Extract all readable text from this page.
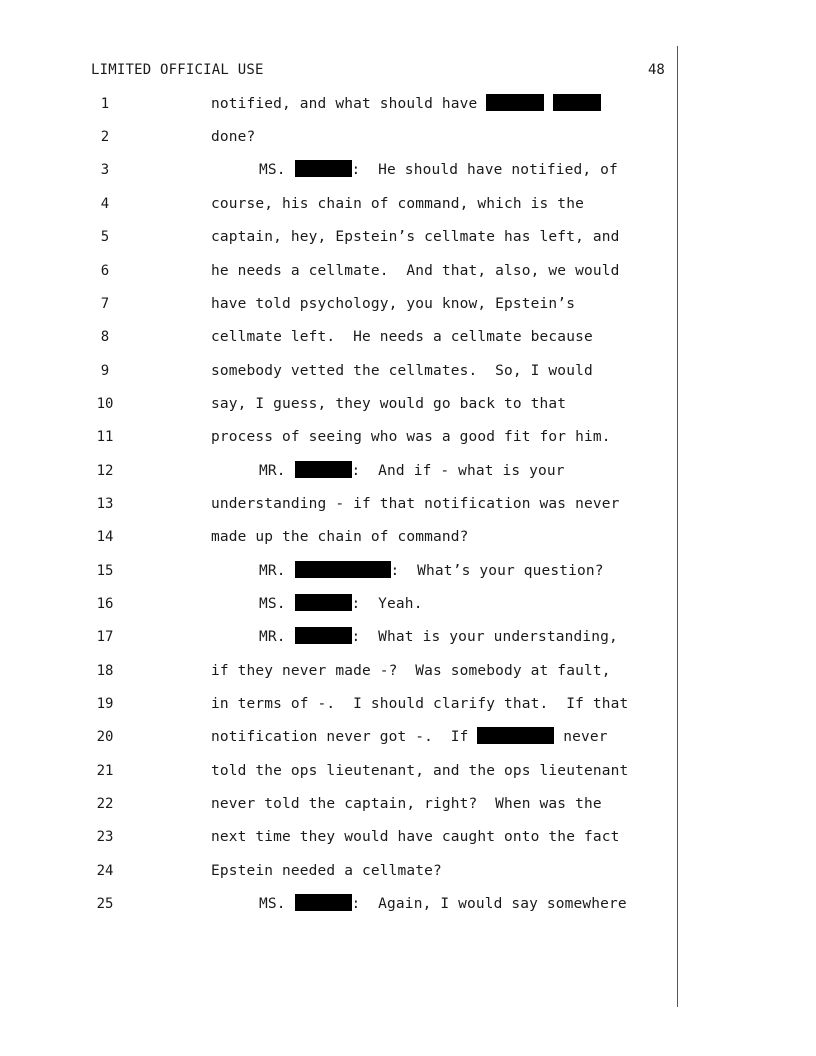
LIMITED OFFICIAL USE	48
1	notified, and what should have
2	done?
3	MS.	:  He should have notified, of
4	course, his chain of command, which is the
5	captain, hey, Epstein’s cellmate has left, and
6	he needs a cellmate.  And that, also, we would
7	have told psychology, you know, Epstein’s
8	cellmate left.  He needs a cellmate because
9	somebody vetted the cellmates.  So, I would
10	say, I guess, they would go back to that
11	process of seeing who was a good fit for him.
12	MR.	:  And if - what is your
13	understanding - if that notification was never
14	made up the chain of command?
15	MR.	:  What’s your question?
16	MS.	:  Yeah.
17	MR.	:  What is your understanding,
18	if they never made -?  Was somebody at fault,
19	in terms of -.  I should clarify that.  If that
20	notification never got -.  If	never
21	told the ops lieutenant, and the ops lieutenant
22	never told the captain, right?  When was the
23	next time they would have caught onto the fact
24	Epstein needed a cellmate?
25	MS.	:  Again, I would say somewhere
